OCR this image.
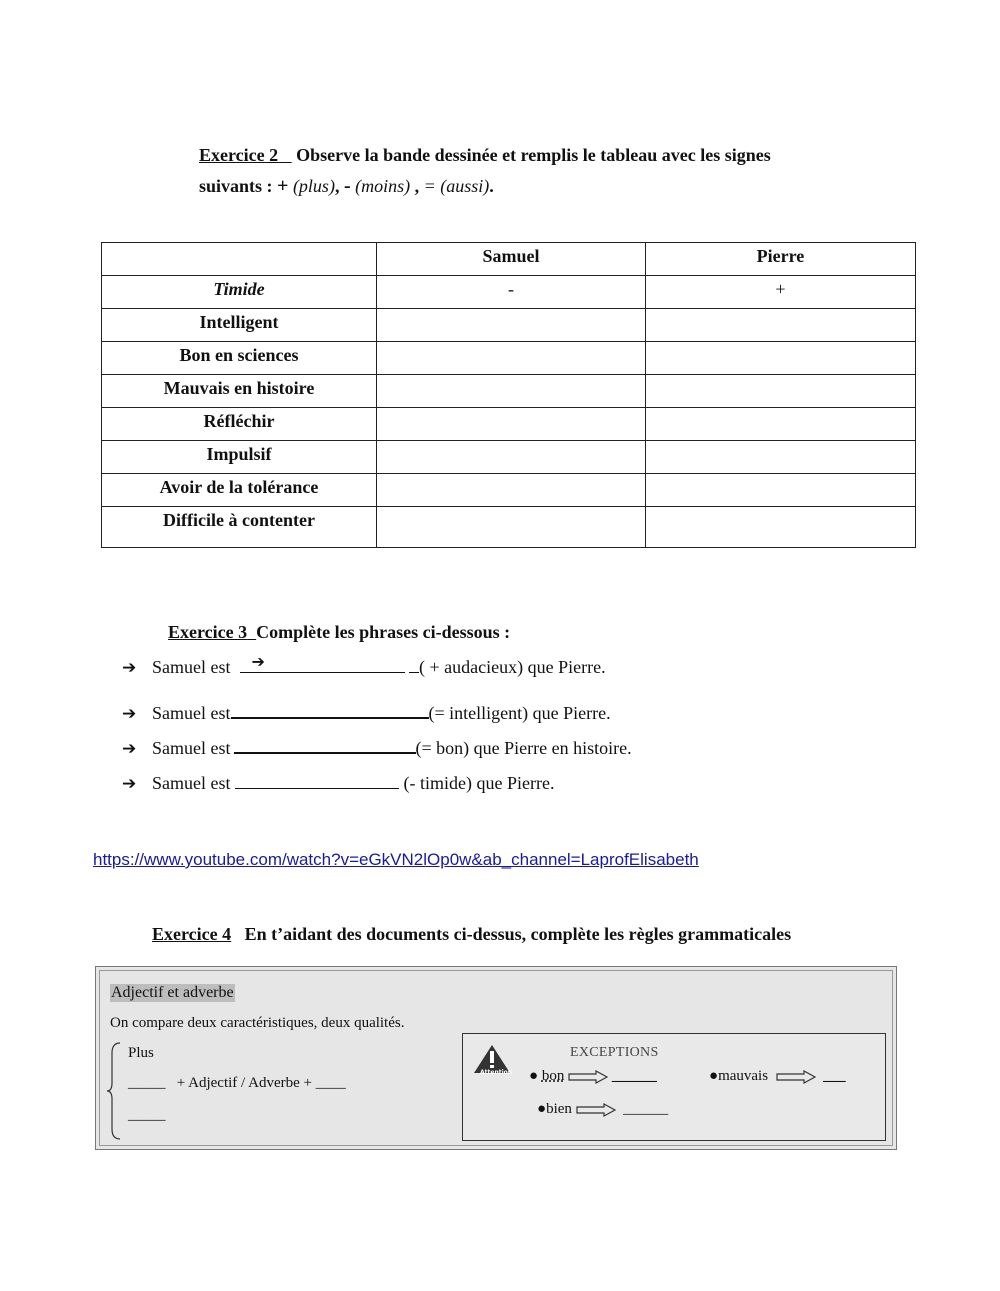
Exercice 2 Observe la bande dessinée et remplis le tableau avec les signes
suivants : + (plus), - (moins) , = (aussi).
	Samuel	Pierre
Timide	-	+
Intelligent		
Bon en sciences		
Mauvais en histoire		
Réfléchir		
Impulsif		
Avoir de la tolérance		
Difficile à contenter		
Exercice 3 Complète les phrases ci-dessous :
➔ Samuel est ➔	( + audacieux) que Pierre.
➔ Samuel est	(= intelligent) que Pierre.
➔ Samuel est	(= bon) que Pierre en histoire.
➔ Samuel est	(- timide) que Pierre.
https://www.youtube.com/watch?v=eGkVN2lOp0w&ab_channel=LaprofElisabeth
Exercice 4 En t’aidant des documents ci-dessus, complète les règles grammaticales
Adjectif et adverbe
On compare deux caractéristiques, deux qualités.
Plus
_____ + Adjectif / Adverbe + ____
_____
Attention
EXCEPTIONS
● bon	______	●mauvais	___
●bien	______
